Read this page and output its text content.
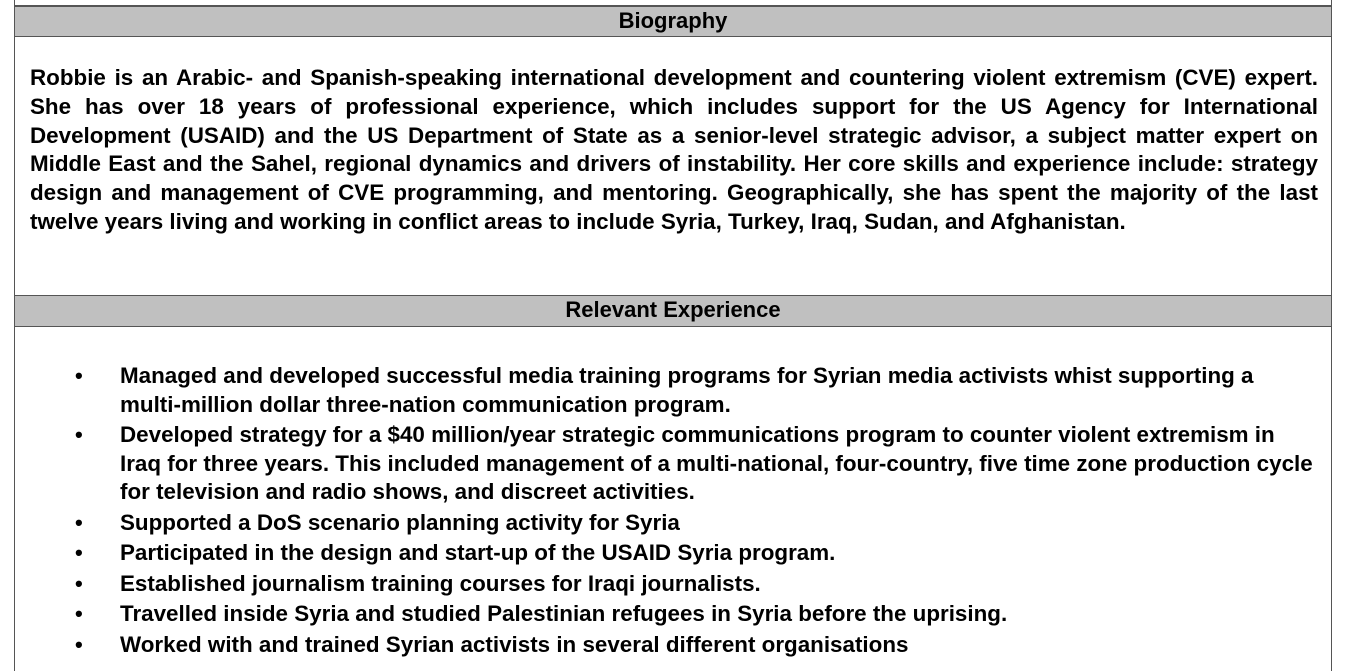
Biography

Robbie is an Arabic- and Spanish-speaking international development and countering violent extremism (CVE) expert. She has over 18 years of professional experience, which includes support for the US Agency for International Development (USAID) and the US Department of State as a senior-level strategic advisor, a subject matter expert on Middle East and the Sahel, regional dynamics and drivers of instability. Her core skills and experience include: strategy design and management of CVE programming, and mentoring. Geographically, she has spent the majority of the last twelve years living and working in conflict areas to include Syria, Turkey, Iraq, Sudan, and Afghanistan.

Relevant Experience
• Managed and developed successful media training programs for Syrian media activists whist supporting a multi-million dollar three-nation communication program.
• Developed strategy for a $40 million/year strategic communications program to counter violent extremism in Iraq for three years. This included management of a multi-national, four-country, five time zone production cycle for television and radio shows, and discreet activities.
• Supported a DoS scenario planning activity for Syria
• Participated in the design and start-up of the USAID Syria program.
• Established journalism training courses for Iraqi journalists.
• Travelled inside Syria and studied Palestinian refugees in Syria before the uprising.
• Worked with and trained Syrian activists in several different organisations
